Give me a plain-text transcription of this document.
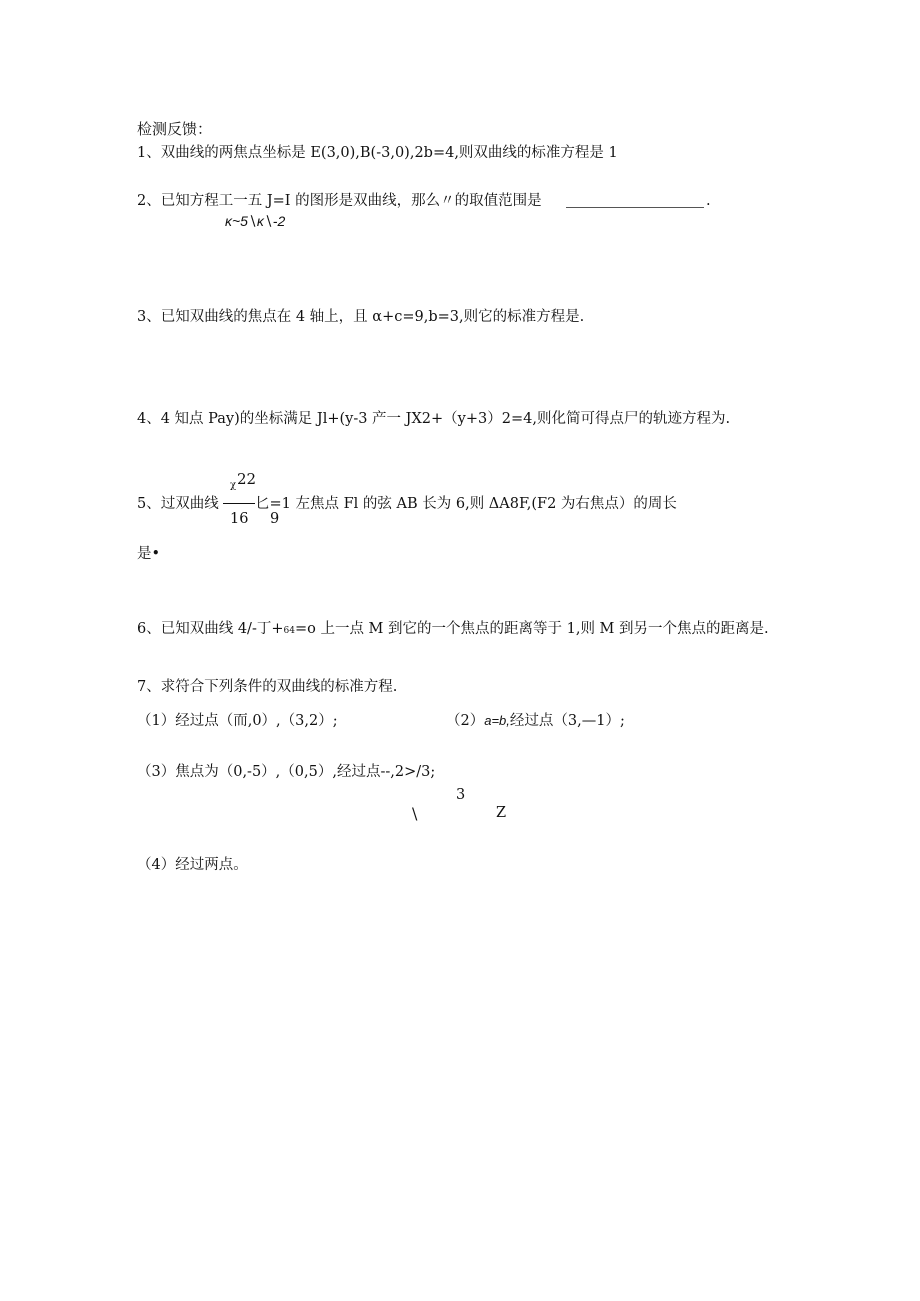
检测反馈：
1、双曲线的两焦点坐标是 E(3,0),B(-3,0),2b=4,则双曲线的标准方程是 1
2、已知方程工一五 J=I 的图形是双曲线，那么〃的取值范围是	.
κ~5∖κ∖-2
3、已知双曲线的焦点在 4 轴上，且 α+c=9,b=3,则它的标准方程是.
4、4 知点 Pay)的坐标满足 Jl+(y-3 产一 JX2+（y+3）2=4,则化简可得点尸的轨迹方程为.
χ 22
5、过双曲线	匕=1 左焦点 Fl 的弦 AB 长为 6,则 ΔA8F,(F2 为右焦点）的周长
16 9
是•
6、已知双曲线 4/-丁+64=o 上一点 M 到它的一个焦点的距离等于 1,则 M 到另一个焦点的距离是.
7、求符合下列条件的双曲线的标准方程.
（1）经过点（而,0）,（3,2）;	（2）a=b,经过点（3,—1）;
（3）焦点为（0,-5）,（0,5）,经过点--,2>/3;
3
\	Z
（4）经过两点。
